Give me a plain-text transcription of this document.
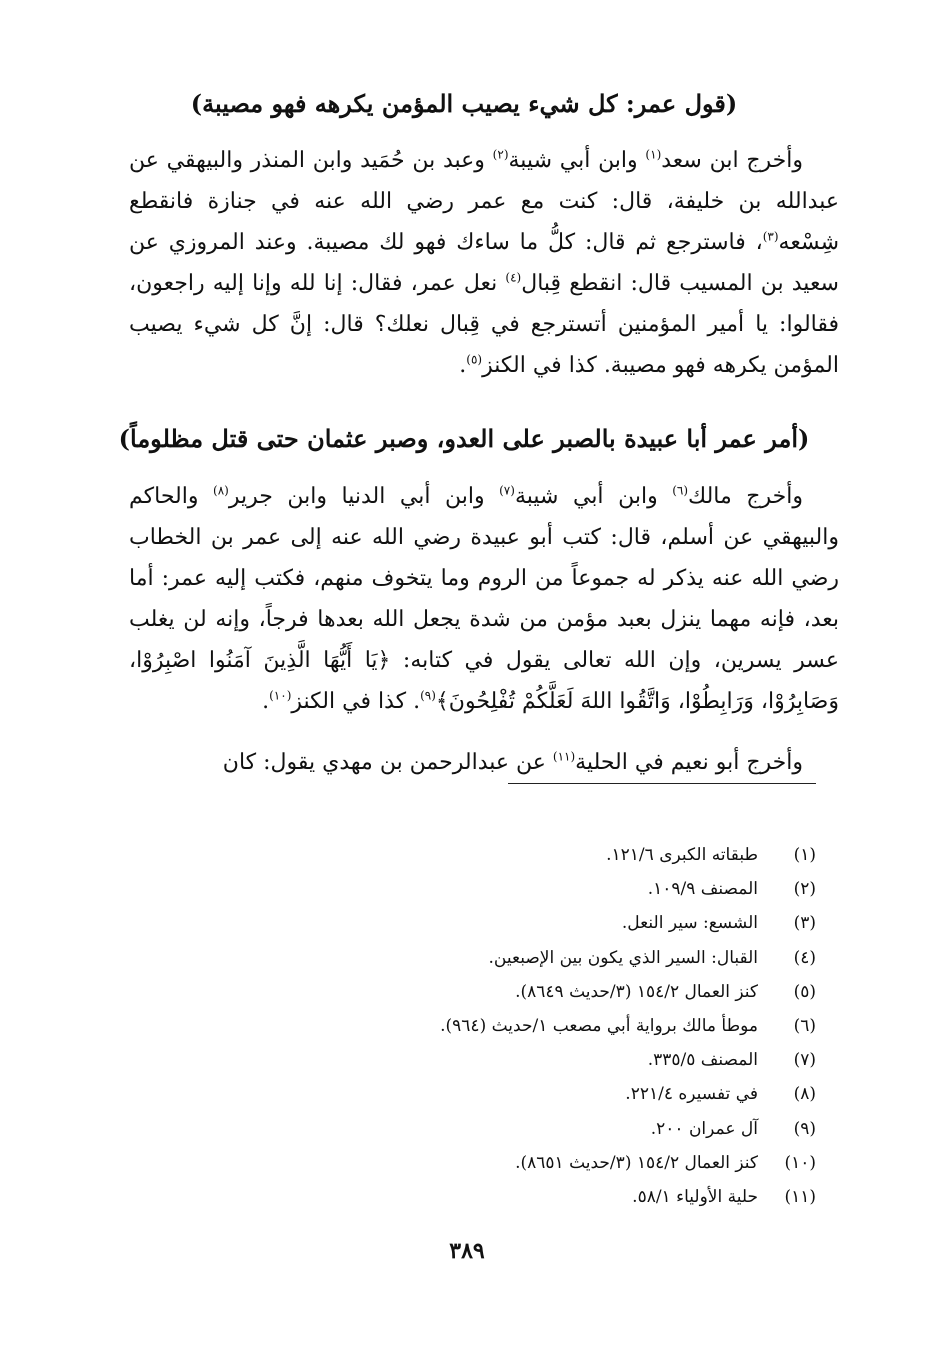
(قول عمر: كل شيء يصيب المؤمن يكرهه فهو مصيبة)
وأخرج ابن سعد$^{(١)}$ وابن أبي شيبة$^{(٢)}$ وعبد بن حُمَيد وابن المنذر والبيهقي عن عبدالله بن خليفة، قال: كنت مع عمر رضي الله عنه في جنازة فانقطع شِسْعه$^{(٣)}$، فاسترجع ثم قال: كلُّ ما ساءك فهو لك مصيبة. وعند المروزي عن سعيد بن المسيب قال: انقطع قِبال$^{(٤)}$ نعل عمر، فقال: إنا لله وإنا إليه راجعون، فقالوا: يا أمير المؤمنين أتسترجع في قِبال نعلك؟ قال: إنَّ كل شيء يصيب المؤمن يكرهه فهو مصيبة. كذا في الكنز$^{(٥)}$.
(أمر عمر أبا عبيدة بالصبر على العدو، وصبر عثمان حتى قتل مظلوماً)
وأخرج مالك$^{(٦)}$ وابن أبي شيبة$^{(٧)}$ وابن أبي الدنيا وابن جرير$^{(٨)}$ والحاكم والبيهقي عن أسلم، قال: كتب أبو عبيدة رضي الله عنه إلى عمر بن الخطاب رضي الله عنه يذكر له جموعاً من الروم وما يتخوف منهم، فكتب إليه عمر: أما بعد، فإنه مهما ينزل بعبد مؤمن من شدة يجعل الله بعدها فرجاً، وإنه لن يغلب عسر يسرين، وإن الله تعالى يقول في كتابه: ﴿يَا أَيُّهَا الَّذِينَ آمَنُوا اصْبِرُوْا، وَصَابِرُوْا، وَرَابِطُوْا، وَاتَّقُوا اللهَ لَعَلَّكُمْ تُفْلِحُونَ﴾$^{(٩)}$. كذا في الكنز$^{(١٠)}$.
وأخرج أبو نعيم في الحلية$^{(١١)}$ عن عبدالرحمن بن مهدي يقول: كان
(١)
طبقاته الكبرى ١٢١/٦.
(٢)
المصنف ١٠٩/٩.
(٣)
الشسع: سير النعل.
(٤)
القبال: السير الذي يكون بين الإصبعين.
(٥)
كنز العمال ١٥٤/٢ (٣/حديث ٨٦٤٩).
(٦)
موطأ مالك برواية أبي مصعب ١/حديث (٩٦٤).
(٧)
المصنف ٣٣٥/٥.
(٨)
في تفسيره ٢٢١/٤.
(٩)
آل عمران ٢٠٠.
(١٠)
كنز العمال ١٥٤/٢ (٣/حديث ٨٦٥١).
(١١)
حلية الأولياء ٥٨/١.
٣٨٩
